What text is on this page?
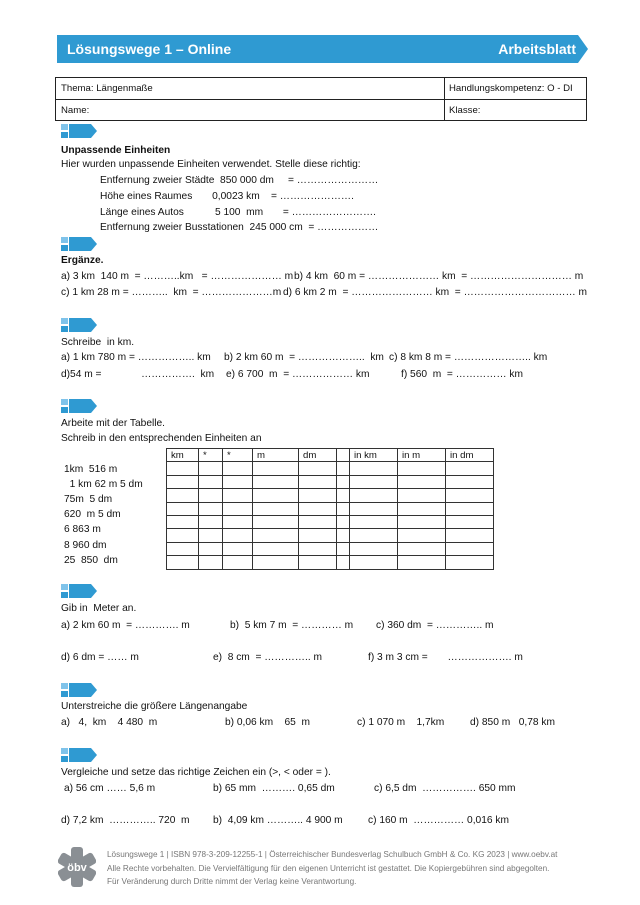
Lösungswege 1 – Online	Arbeitsblatt
Thema: Längenmaße	Handlungskompetenz: O - DI
Name:	Klasse:
Unpassende Einheiten
Hier wurden unpassende Einheiten verwendet. Stelle diese richtig:
Entfernung zweier Städte  850 000 dm     = ……………………
Höhe eines Raumes       0,0023 km    = ………………….
Länge eines Autos           5 100  mm       = …………………….
Entfernung zweier Busstationen  245 000 cm  = ………………
Ergänze.
a) 3 km  140 m  = ………..km   = ………………… m b) 4 km  60 m = ………………… km  = ………………………… m
c) 1 km 28 m = ………..  km  = …………………m d) 6 km 2 m  = …………………… km  = …………………………… m
Schreibe  in km.
a) 1 km 780 m = …………….. km b) 2 km 60 m  = ………………..  km c) 8 km 8 m = ………………….. km
d)54 m =              …………….  km e) 6 700  m  = ……………… km	f) 560  m  = …………… km
Arbeite mit der Tabelle.
Schreib in den entsprechenden Einheiten an
km	*	*	m	dm		in km	in m	in dm

1km  516 m
1 km 62 m 5 dm
75m  5 dm
620  m 5 dm
6 863 m
8 960 dm
25  850  dm
Gib in  Meter an.
a) 2 km 60 m  = …………. m	b)  5 km 7 m  = ………… m c) 360 dm  = ………….. m
d) 6 dm = …… m	e)  8 cm  = ………….. m	f) 3 m 3 cm =       ………………. m
Unterstreiche die größere Längenangabe
a)   4,  km    4 480  m	b) 0,06 km    65  m	c) 1 070 m    1,7km	d) 850 m   0,78 km
Vergleiche und setze das richtige Zeichen ein (>, < oder = ).
a) 56 cm …… 5,6 m	b) 65 mm  ………. 0,65 dm	c) 6,5 dm  ……………. 650 mm
d) 7,2 km  ………….. 720  m b)  4,09 km ……….. 4 900 m c) 160 m  …………… 0,016 km
öbv
Lösungswege 1 | ISBN 978-3-209-12255-1 | Österreichischer Bundesverlag Schulbuch GmbH & Co. KG 2023 | www.oebv.at
Alle Rechte vorbehalten. Die Vervielfältigung für den eigenen Unterricht ist gestattet. Die Kopiergebühren sind abgegolten.
Für Veränderung durch Dritte nimmt der Verlag keine Verantwortung.
